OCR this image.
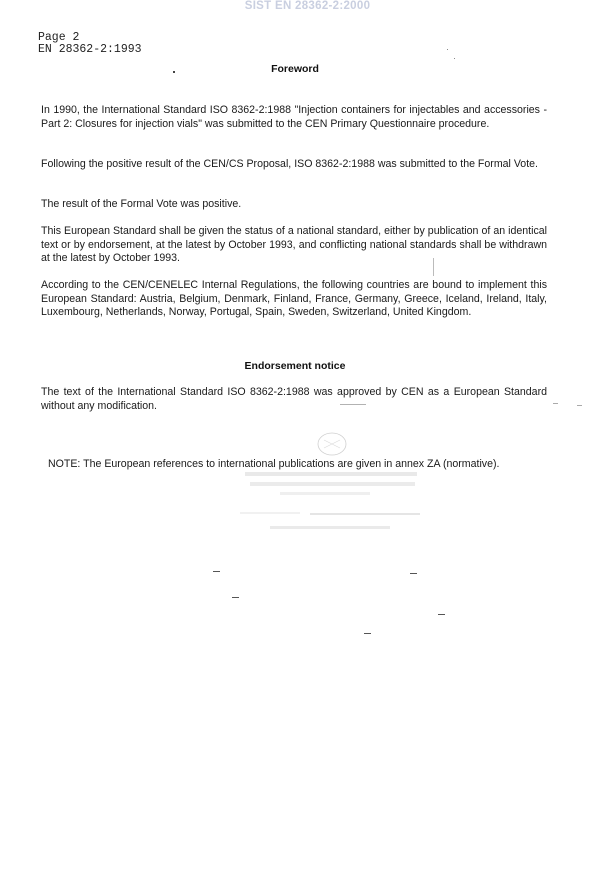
SIST EN 28362-2:2000
Page 2
EN 28362-2:1993
Foreword
In 1990, the International Standard ISO 8362-2:1988 "Injection containers for injectables and accessories - Part 2: Closures for injection vials" was submitted to the CEN Primary Questionnaire procedure.
Following the positive result of the CEN/CS Proposal, ISO 8362-2:1988 was submitted to the Formal Vote.
The result of the Formal Vote was positive.
This European Standard shall be given the status of a national standard, either by publication of an identical text or by endorsement, at the latest by October 1993, and conflicting national standards shall be withdrawn at the latest by October 1993.
According to the CEN/CENELEC Internal Regulations, the following countries are bound to implement this European Standard: Austria, Belgium, Denmark, Finland, France, Germany, Greece, Iceland, Ireland, Italy, Luxembourg, Netherlands, Norway, Portugal, Spain, Sweden, Switzerland, United Kingdom.
Endorsement notice
The text of the International Standard ISO 8362-2:1988 was approved by CEN as a European Standard without any modification.
NOTE: The European references to international publications are given in annex ZA (normative).
